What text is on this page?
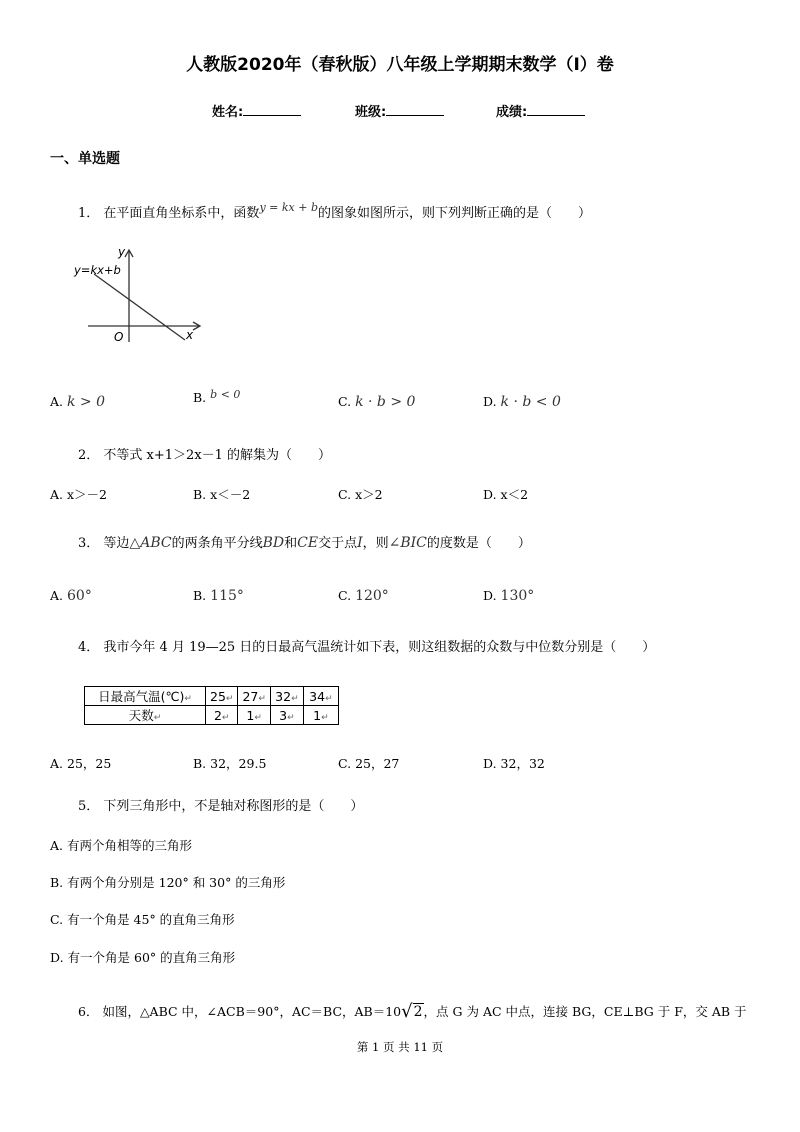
人教版2020年（春秋版）八年级上学期期末数学（I）卷
姓名:	班级:	成绩:
一、单选题
1． 在平面直角坐标系中，函数$^{y = kx + b}$的图象如图所示，则下列判断正确的是（　　）
y=kx+b
y
x
O
A. k > 0	B. b < 0	C. k · b > 0	D. k · b < 0
2． 不等式 x+1＞2x－1 的解集为（　　）
A. x＞－2	B. x＜－2	C. x＞2	D. x＜2
3． 等边△ABC的两条角平分线BD和CE交于点I，则∠BIC的度数是（　　）
A. 60°	B. 115°	C. 120°	D. 130°
4． 我市今年 4 月 19—25 日的日最高气温统计如下表，则这组数据的众数与中位数分别是（　　）
日最高气温(℃)↵	25↵	27↵	32↵	34↵
天数↵	2↵	1↵	3↵	1↵
A. 25，25	B. 32，29.5	C. 25，27	D. 32，32
5． 下列三角形中，不是轴对称图形的是（　　）
A. 有两个角相等的三角形
B. 有两个角分别是 120° 和 30° 的三角形
C. 有一个角是 45° 的直角三角形
D. 有一个角是 60° 的直角三角形
6． 如图，△ABC 中，∠ACB＝90°，AC＝BC，AB＝10√2，点 G 为 AC 中点，连接 BG，CE⊥BG 于 F，交 AB 于
第 1 页 共 11 页
